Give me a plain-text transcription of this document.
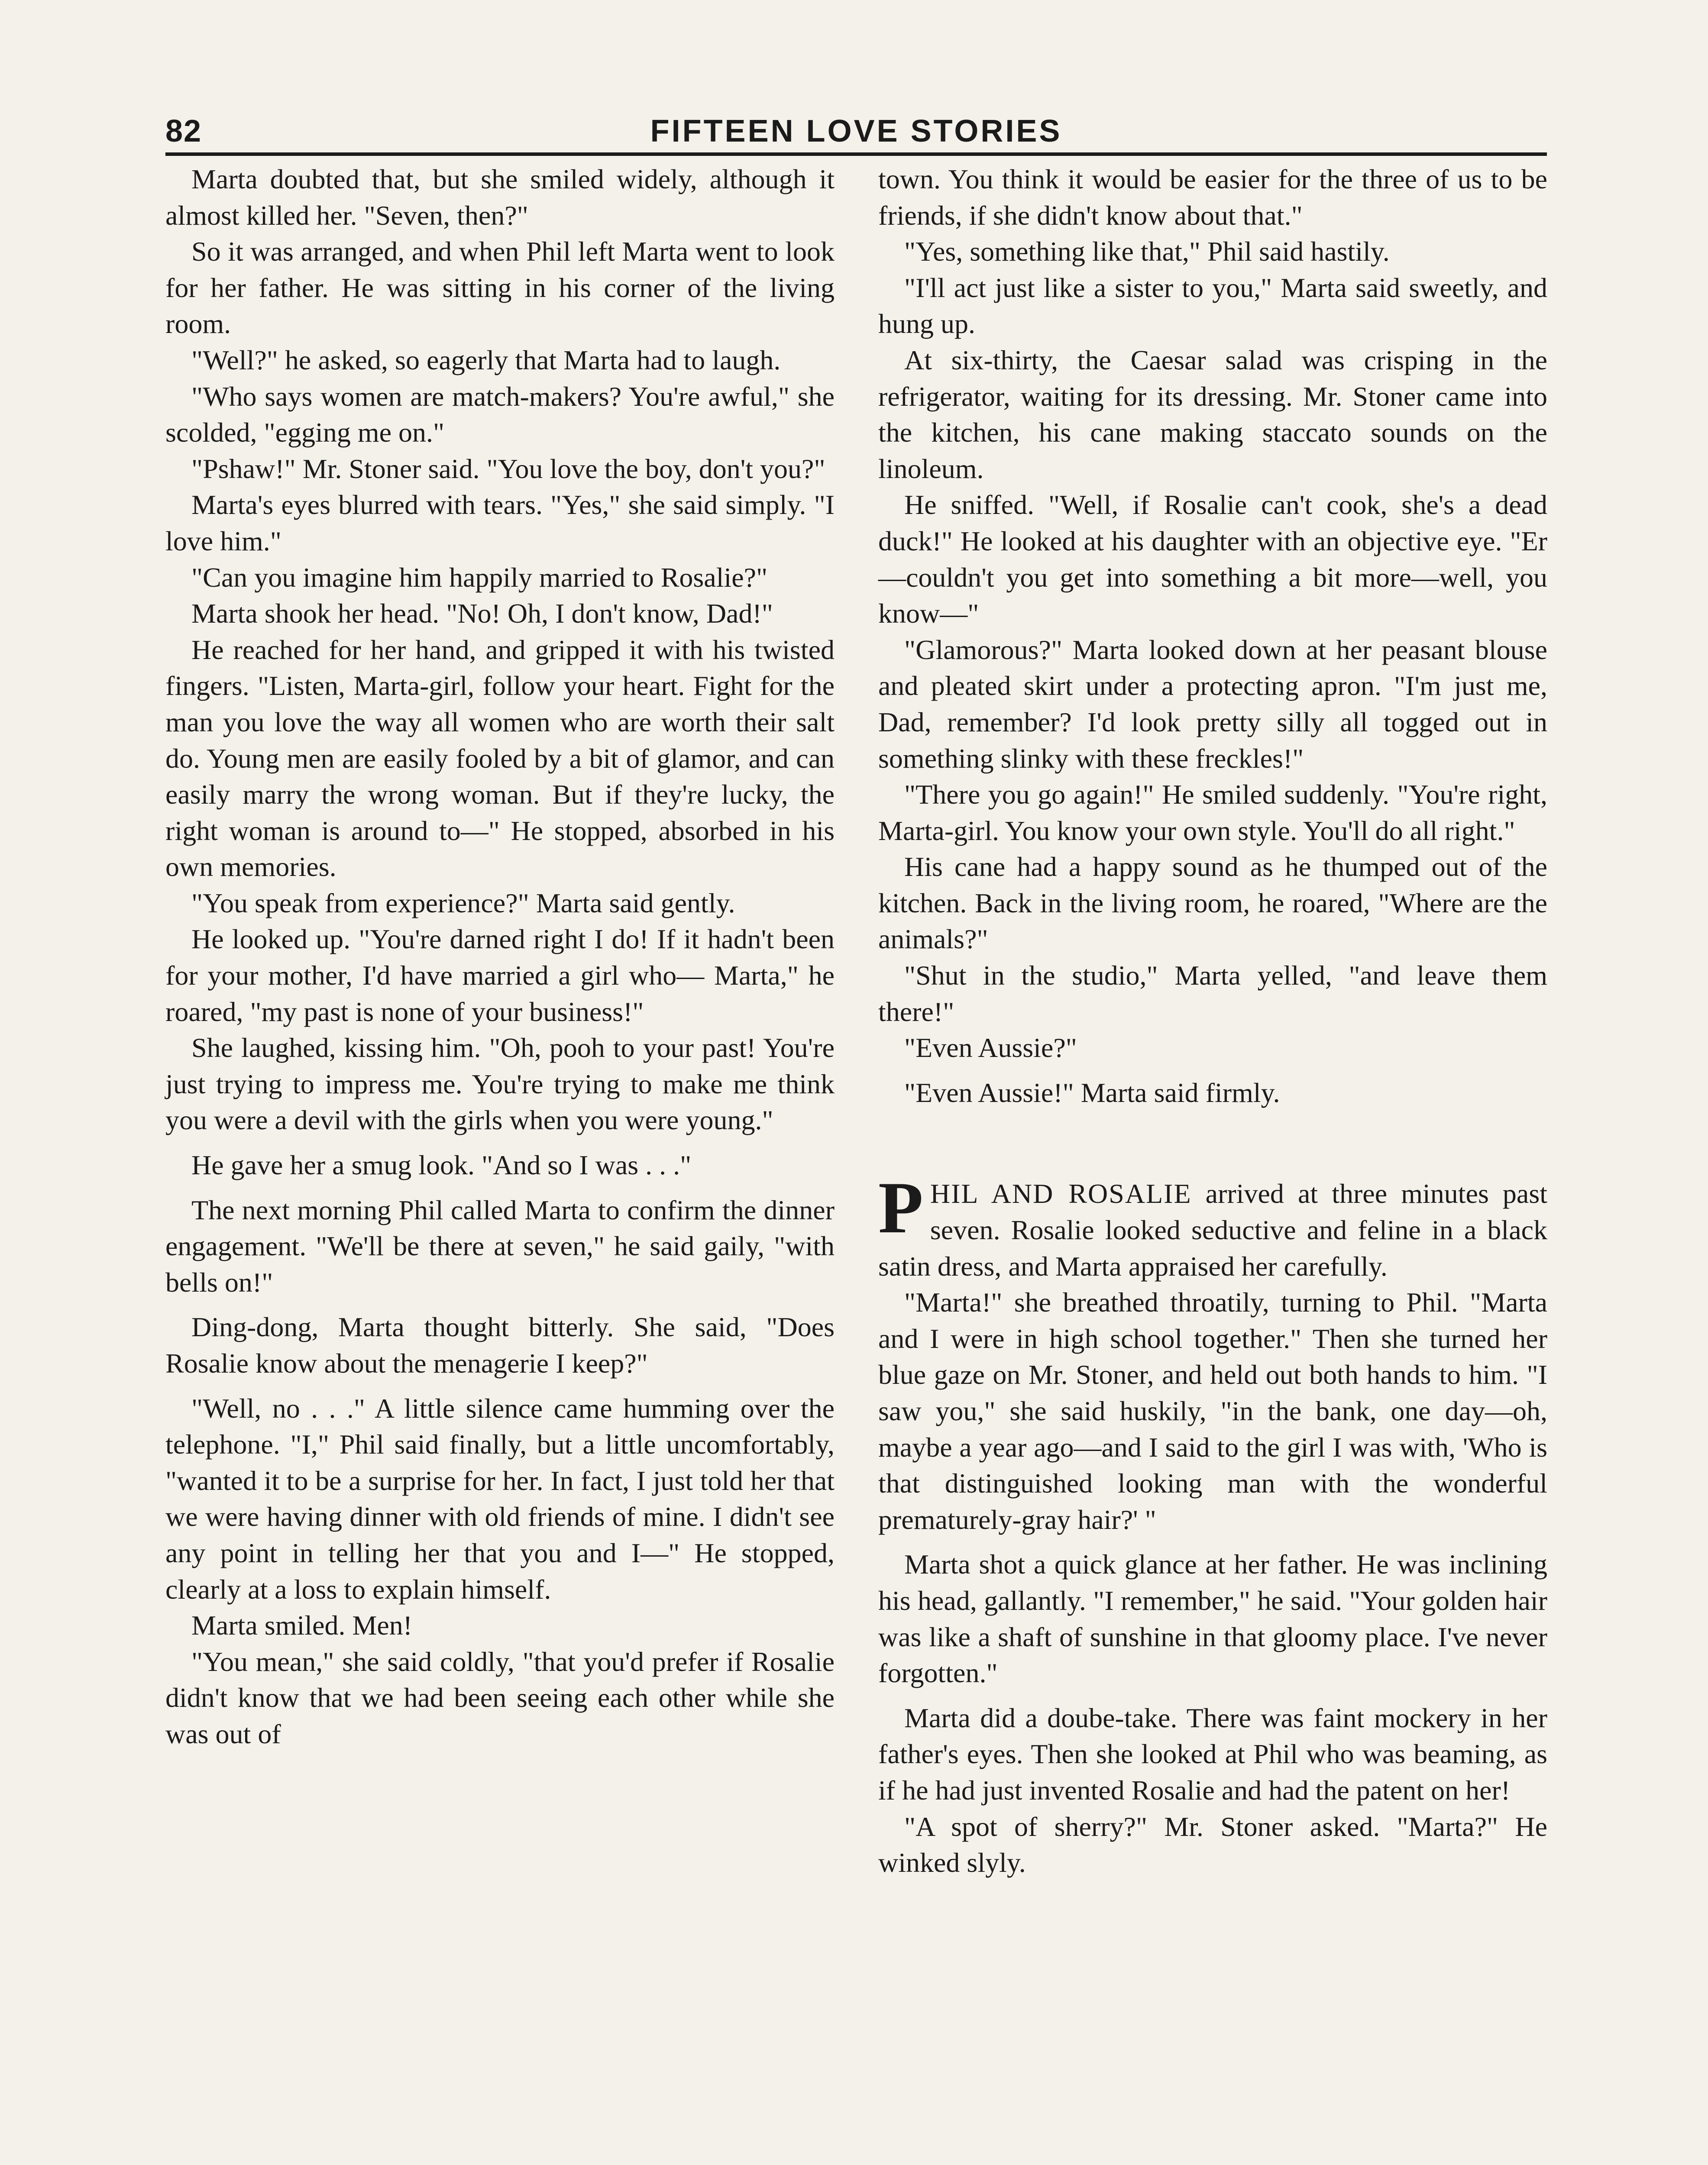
82	FIFTEEN LOVE STORIES

Marta doubted that, but she smiled widely, although it almost killed her. "Seven, then?"

So it was arranged, and when Phil left Marta went to look for her father. He was sitting in his corner of the living room.

"Well?" he asked, so eagerly that Marta had to laugh.

"Who says women are match-makers? You're awful," she scolded, "egging me on."

"Pshaw!" Mr. Stoner said. "You love the boy, don't you?"

Marta's eyes blurred with tears. "Yes," she said simply. "I love him."

"Can you imagine him happily married to Rosalie?"

Marta shook her head. "No! Oh, I don't know, Dad!"

He reached for her hand, and gripped it with his twisted fingers. "Listen, Marta-girl, follow your heart. Fight for the man you love the way all women who are worth their salt do. Young men are easily fooled by a bit of glamor, and can easily marry the wrong woman. But if they're lucky, the right woman is around to—" He stopped, absorbed in his own memories.

"You speak from experience?" Marta said gently.

He looked up. "You're darned right I do! If it hadn't been for your mother, I'd have married a girl who— Marta," he roared, "my past is none of your business!"

She laughed, kissing him. "Oh, pooh to your past! You're just trying to impress me. You're trying to make me think you were a devil with the girls when you were young."

He gave her a smug look. "And so I was . . ."

The next morning Phil called Marta to confirm the dinner engagement. "We'll be there at seven," he said gaily, "with bells on!"

Ding-dong, Marta thought bitterly. She said, "Does Rosalie know about the menagerie I keep?"

"Well, no . . ." A little silence came humming over the telephone. "I," Phil said finally, but a little uncomfortably, "wanted it to be a surprise for her. In fact, I just told her that we were having dinner with old friends of mine. I didn't see any point in telling her that you and I—" He stopped, clearly at a loss to explain himself.

Marta smiled. Men!

"You mean," she said coldly, "that you'd prefer if Rosalie didn't know that we had been seeing each other while she was out of

town. You think it would be easier for the three of us to be friends, if she didn't know about that."

"Yes, something like that," Phil said hastily.

"I'll act just like a sister to you," Marta said sweetly, and hung up.

At six-thirty, the Caesar salad was crisping in the refrigerator, waiting for its dressing. Mr. Stoner came into the kitchen, his cane making staccato sounds on the linoleum.

He sniffed. "Well, if Rosalie can't cook, she's a dead duck!" He looked at his daughter with an objective eye. "Er—couldn't you get into something a bit more—well, you know—"

"Glamorous?" Marta looked down at her peasant blouse and pleated skirt under a protecting apron. "I'm just me, Dad, remember? I'd look pretty silly all togged out in something slinky with these freckles!"

"There you go again!" He smiled suddenly. "You're right, Marta-girl. You know your own style. You'll do all right."

His cane had a happy sound as he thumped out of the kitchen. Back in the living room, he roared, "Where are the animals?"

"Shut in the studio," Marta yelled, "and leave them there!"

"Even Aussie?"

"Even Aussie!" Marta said firmly.

PHIL AND ROSALIE arrived at three minutes past seven. Rosalie looked seductive and feline in a black satin dress, and Marta appraised her carefully.

"Marta!" she breathed throatily, turning to Phil. "Marta and I were in high school together." Then she turned her blue gaze on Mr. Stoner, and held out both hands to him. "I saw you," she said huskily, "in the bank, one day—oh, maybe a year ago—and I said to the girl I was with, 'Who is that distinguished looking man with the wonderful prematurely-gray hair?' "

Marta shot a quick glance at her father. He was inclining his head, gallantly. "I remember," he said. "Your golden hair was like a shaft of sunshine in that gloomy place. I've never forgotten."

Marta did a doube-take. There was faint mockery in her father's eyes. Then she looked at Phil who was beaming, as if he had just invented Rosalie and had the patent on her!

"A spot of sherry?" Mr. Stoner asked. "Marta?" He winked slyly.
